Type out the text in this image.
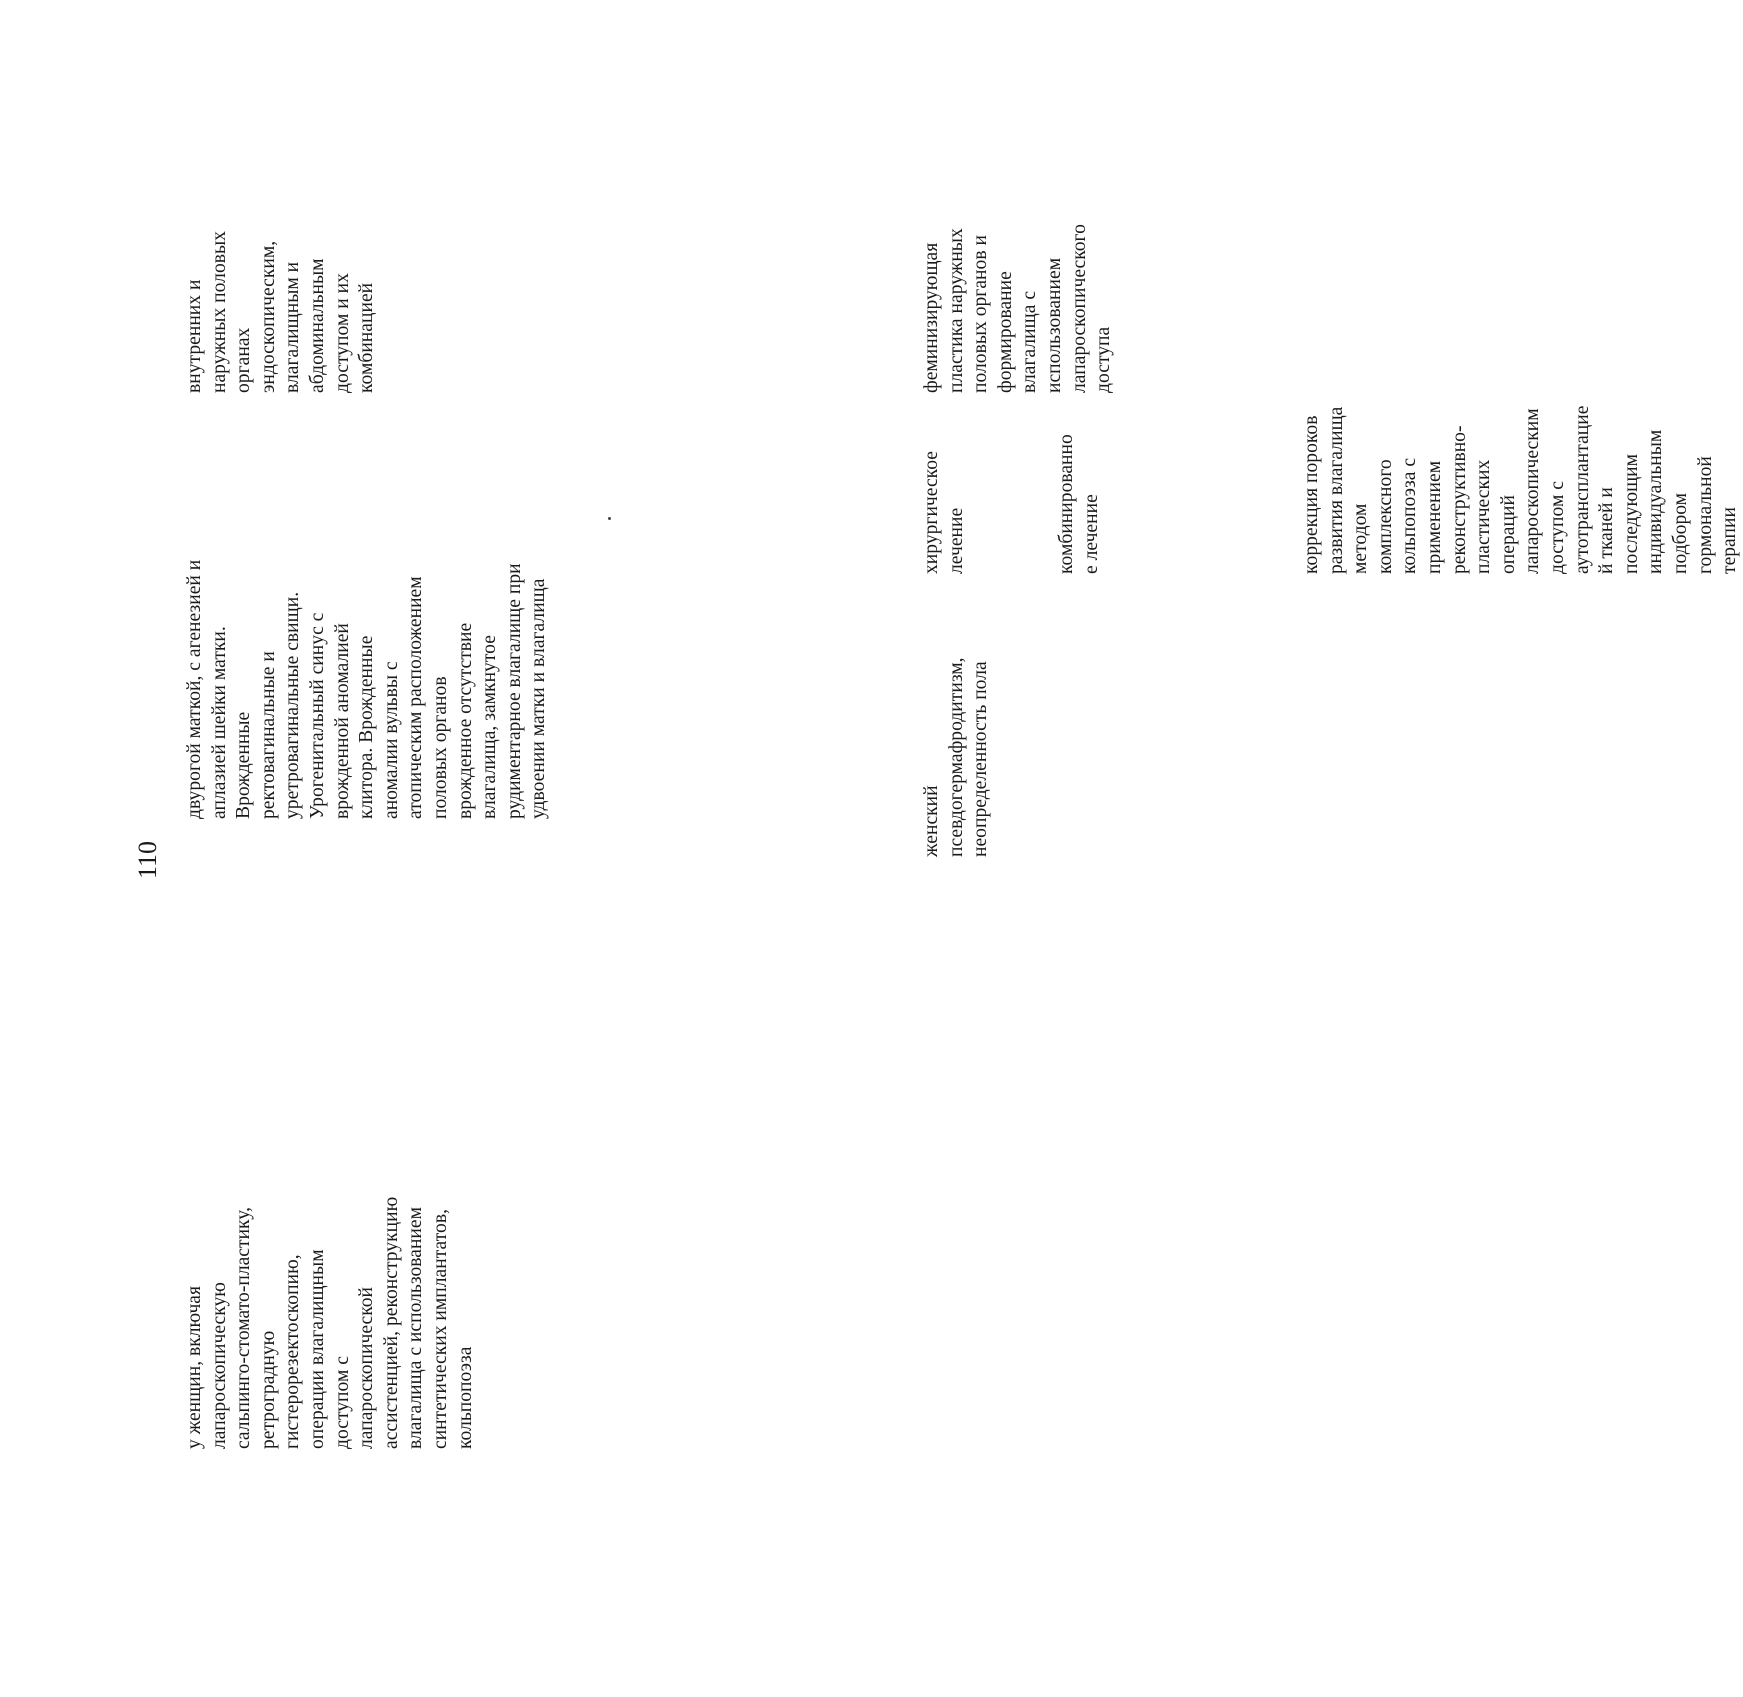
110
у женщин, включая лапароскопическую сальпинго-стомато-пластику, ретроградную гистерорезектоскопию, операции влагалищным доступом с лапароскопической ассистенцией, реконструкцию влагалища с использованием синтетических имплантатов, кольпопоэза
двурогой маткой, с агенезией и аплазией шейки матки. Врожденные ректовагинальные и уретровагинальные свищи. Урогенитальный синус с врожденной аномалией клитора. Врожденные аномалии вульвы с атопическим расположением половых органов врожденное отсутствие влагалища, замкнутое рудиментарное влагалище при удвоении матки и влагалища
внутренних и наружных половых органах эндоскопическим, влагалищным и абдоминальным доступом и их комбинацией
женский псевдогермафродитизм, неопределенность пола
хирургическое лечение
феминизирующая пластика наружных половых органов и формирование влагалища с использованием лапароскопического доступа
комбинированно е лечение	коррекция пороков развития влагалища методом комплексного кольпопоэза с применением реконструктивно- пластических операций лапароскопическим доступом с аутотрансплантацие й тканей и последующим индивидуальным подбором гормональной терапии
